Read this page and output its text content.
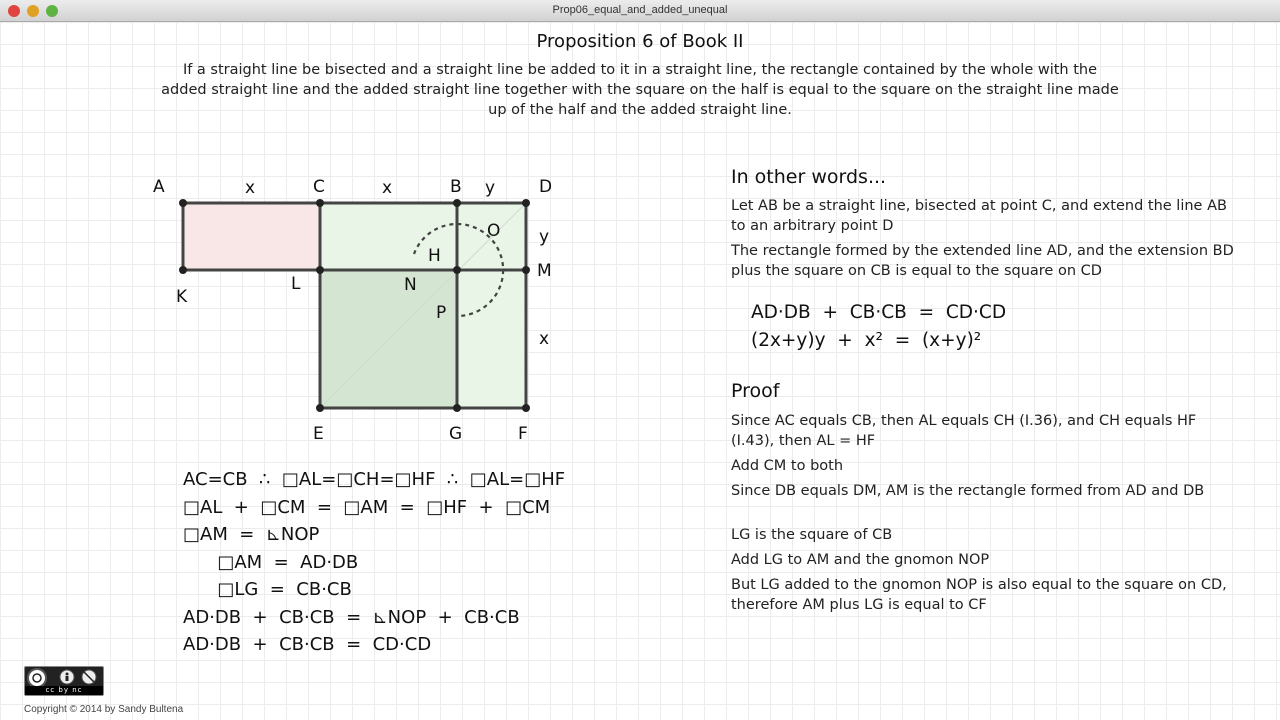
Prop06_equal_and_added_unequal
Proposition 6 of Book II
If a straight line be bisected and a straight line be added to it in a straight line, the rectangle contained by the whole with the added straight line and the added straight line together with the square on the half is equal to the square on the straight line made up of the half and the added straight line.
A	C	B	D
K
L
H
M
N
O
P
E	G	F
x	x	y
y
x
AC=CB  ∴  □AL=□CH=□HF  ∴  □AL=□HF
□AL  +  □CM  =  □AM  =  □HF  +  □CM
□AM  =  ⊾NOP
□AM  =  AD·DB
□LG  =  CB·CB
AD·DB  +  CB·CB  =  ⊾NOP  +  CB·CB
AD·DB  +  CB·CB  =  CD·CD
In other words...
Let AB be a straight line, bisected at point C, and extend the line AB to an arbitrary point D
The rectangle formed by the extended line AD, and the extension BD plus the square on CB is equal to the square on CD
AD·DB  +  CB·CB  =  CD·CD
(2x+y)y  +  x²  =  (x+y)²
Proof
Since AC equals CB, then AL equals CH (I.36), and CH equals HF (I.43), then AL = HF
Add CM to both
Since DB equals DM, AM is the rectangle formed from AD and DB
LG is the square of CB
Add LG to AM and the gnomon NOP
But LG added to the gnomon NOP is also equal to the square on CD, therefore AM plus LG is equal to CF
cc by nc
Copyright © 2014 by Sandy Bultena
